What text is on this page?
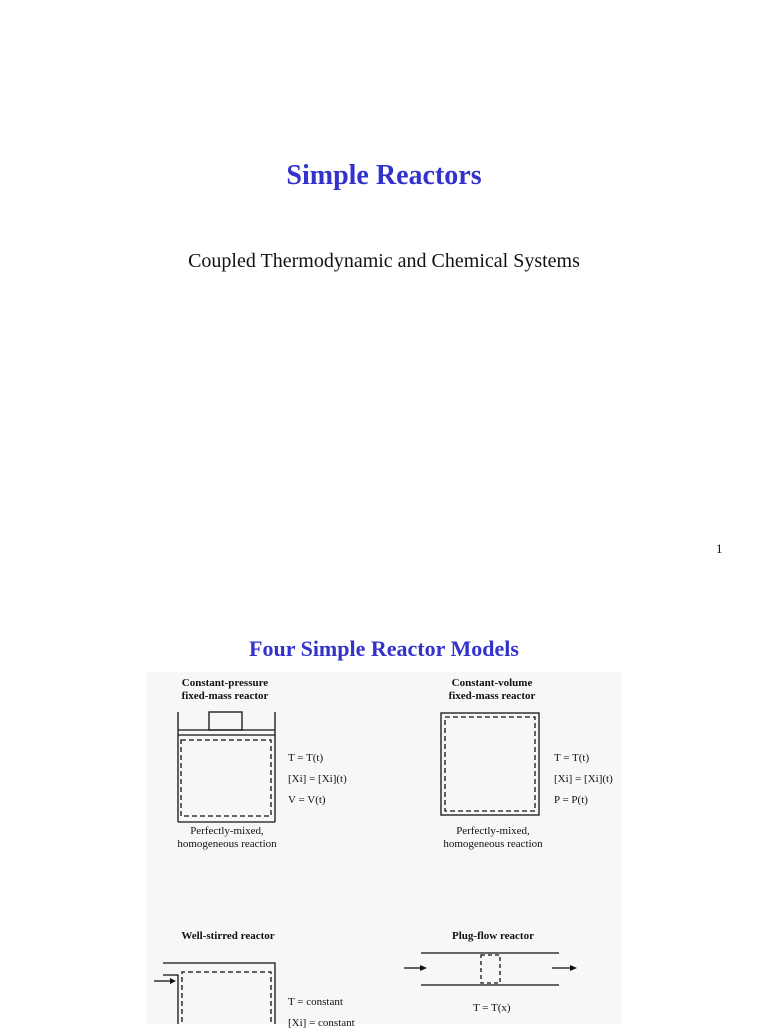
Simple Reactors

Coupled Thermodynamic and Chemical Systems

1
Four Simple Reactor Models
Constant-pressure
fixed-mass reactor
T = T(t)
[Xi] = [Xi](t)
V = V(t)
Perfectly-mixed,
homogeneous reaction
Constant-volume
fixed-mass reactor
T = T(t)
[Xi] = [Xi](t)
P = P(t)
Perfectly-mixed,
homogeneous reaction
Well-stirred reactor
T = constant
[Xi] = constant
Plug-flow reactor
T = T(x)
